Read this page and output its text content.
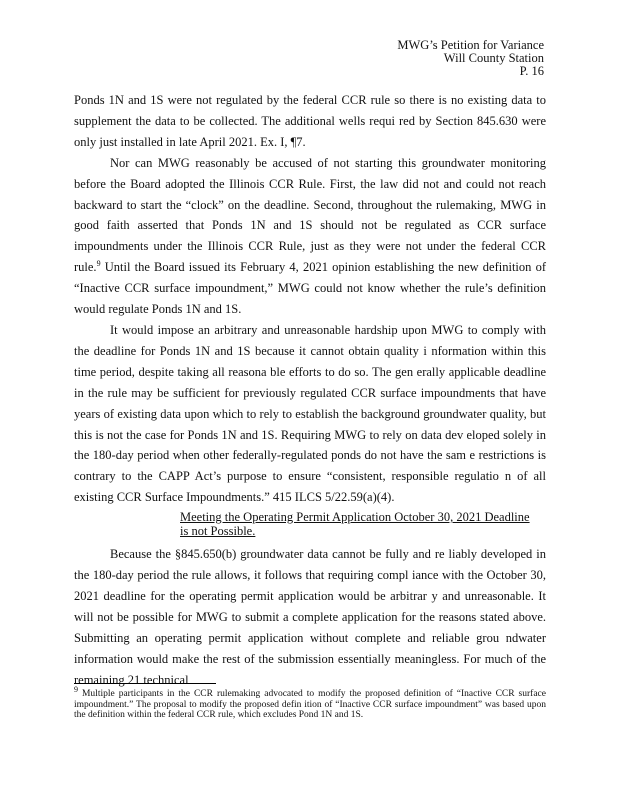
MWG’s Petition for Variance
Will County Station
P. 16

Ponds 1N and 1S were not regulated by the federal CCR rule so there is no existing data to supplement the data to be collected. The additional wells requi red by Section 845.630 were only just installed in late April 2021. Ex. I, ¶7.

Nor can MWG reasonably be accused of not starting this groundwater monitoring before the Board adopted the Illinois CCR Rule. First, the law did not and could not reach backward to start the “clock” on the deadline. Second, throughout the rulemaking, MWG in good faith asserted that Ponds 1N and 1S should not be regulated as CCR surface impoundments under the Illinois CCR Rule, just as they were not under the federal CCR rule.$^9$ Until the Board issued its February 4, 2021 opinion establishing the new definition of “Inactive CCR surface impoundment,” MWG could not know whether the rule’s definition would regulate Ponds 1N and 1S.

It would impose an arbitrary and unreasonable hardship upon MWG to comply with the deadline for Ponds 1N and 1S because it cannot obtain quality i nformation within this time period, despite taking all reasona ble efforts to do so. The gen erally applicable deadline in the rule may be sufficient for previously regulated CCR surface impoundments that have years of existing data upon which to rely to establish the background groundwater quality, but this is not the case for Ponds 1N and 1S. Requiring MWG to rely on data dev eloped solely in the 180-day period when other federally-regulated ponds do not have the sam e restrictions is contrary to the CAPP Act’s purpose to ensure “consistent, responsible regulatio n of all existing CCR Surface Impoundments.” 415 ILCS 5/22.59(a)(4).

Meeting the Operating Permit Application October 30, 2021 Deadline is not Possible.

Because the §845.650(b) groundwater data cannot be fully and re liably developed in the 180-day period the rule allows, it follows that requiring compl iance with the October 30, 2021 deadline for the operating permit application would be arbitrar y and unreasonable. It will not be possible for MWG to submit a complete application for the reasons stated above. Submitting an operating permit application without complete and reliable grou ndwater information would make the rest of the submission essentially meaningless. For much of the remaining 21 technical

$^9$ Multiple participants in the CCR rulemaking advocated to modify the proposed definition of “Inactive CCR surface impoundment.” The proposal to modify the proposed defin ition of “Inactive CCR surface impoundment” was based upon the definition within the federal CCR rule, which excludes Pond 1N and 1S.
